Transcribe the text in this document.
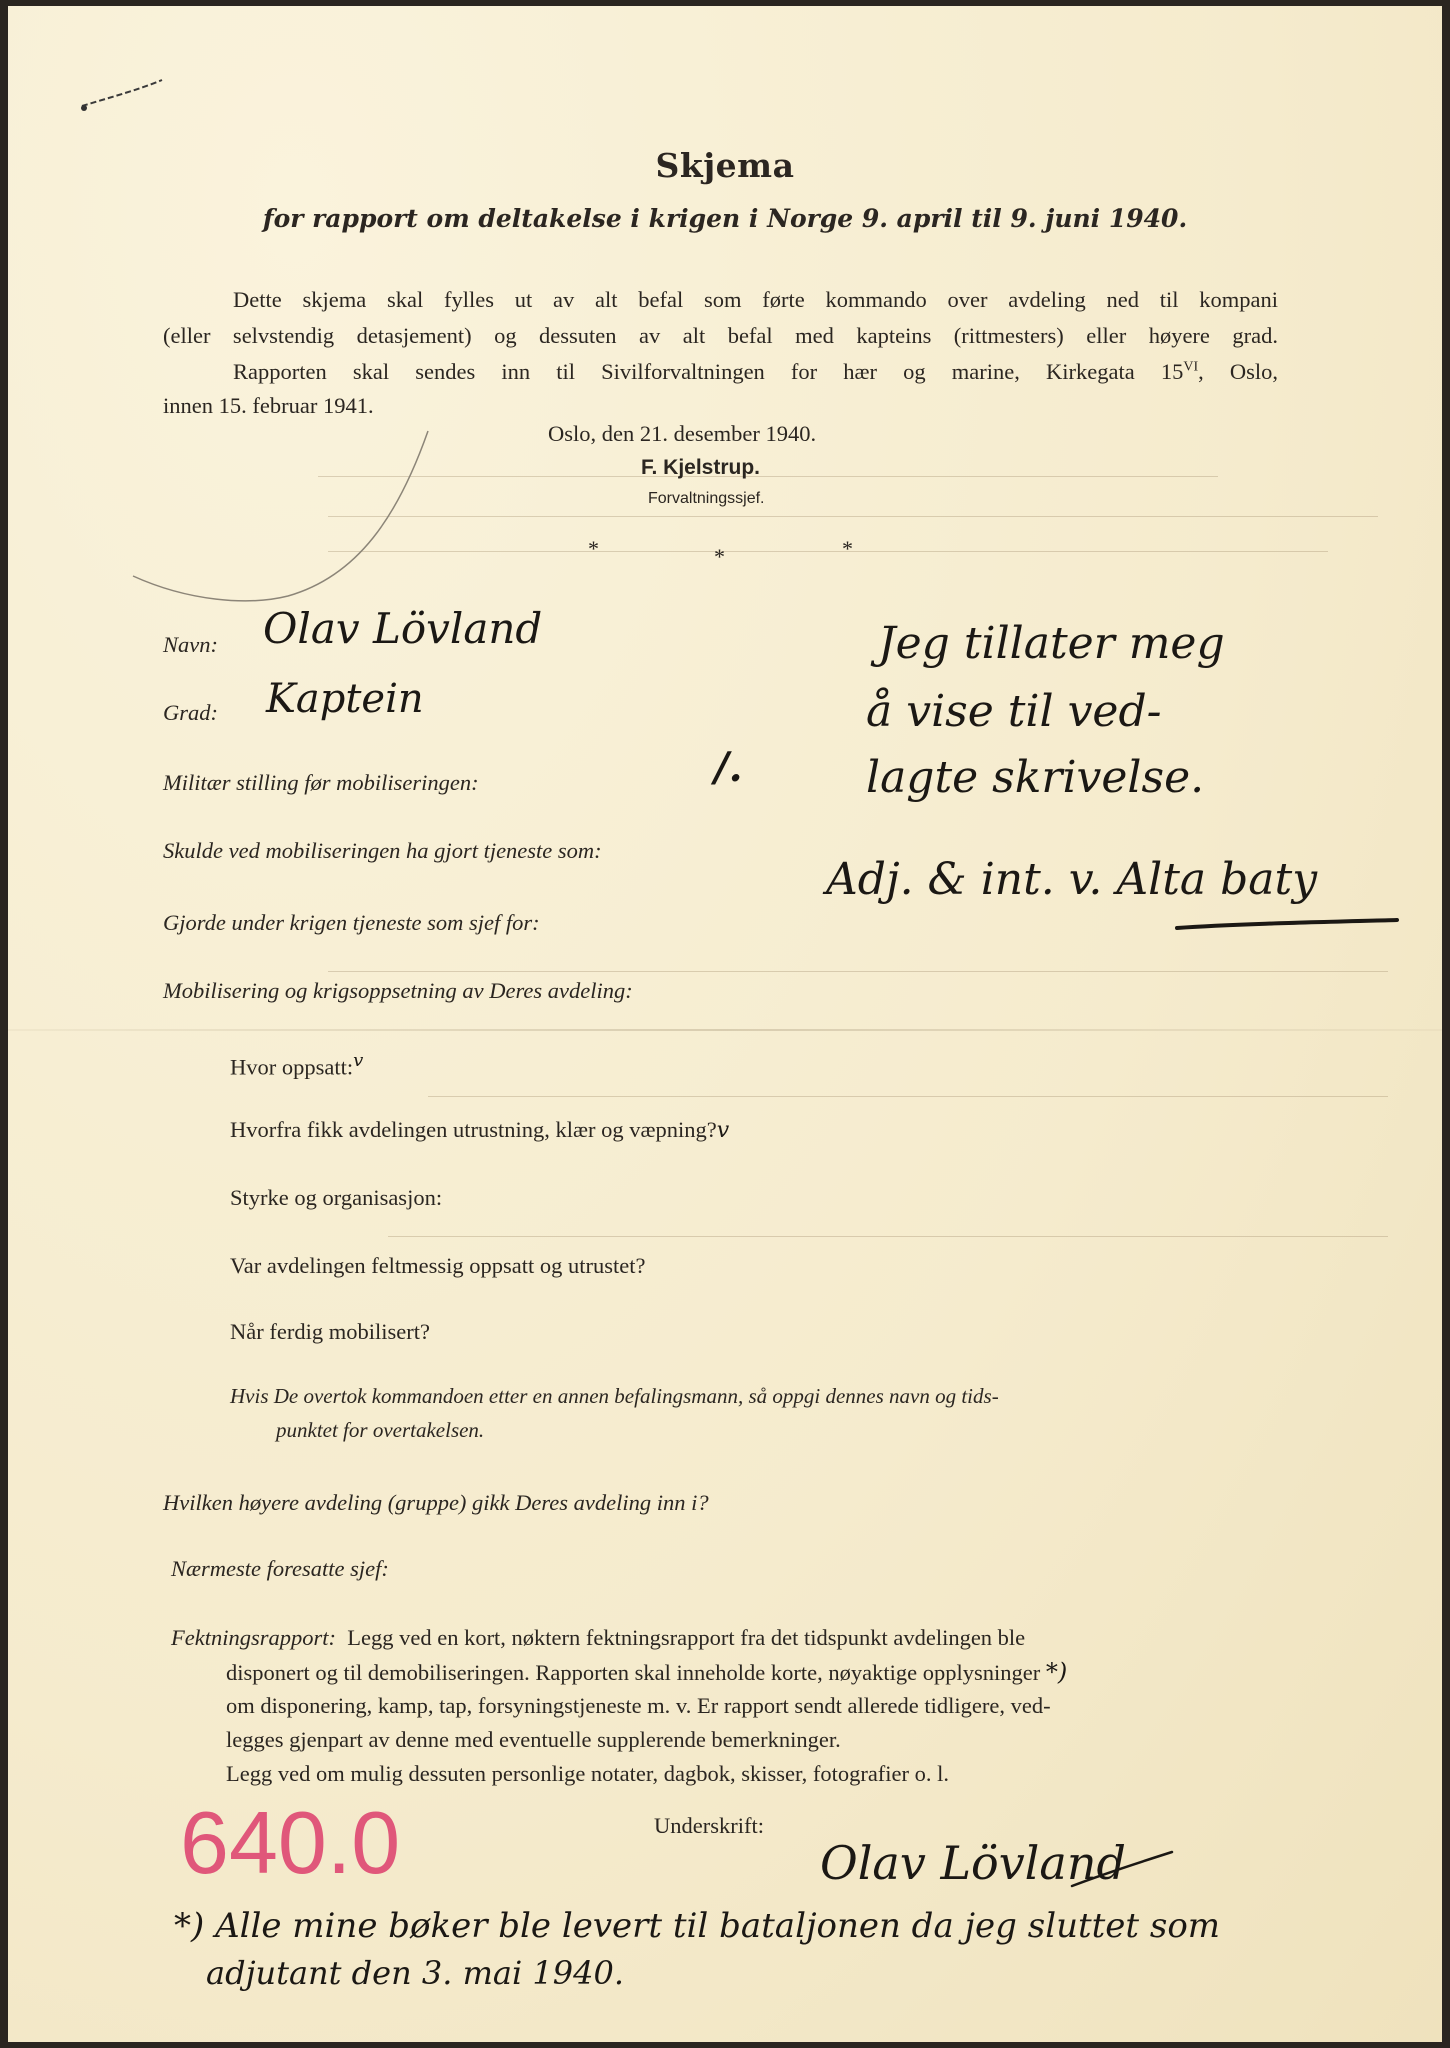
Skjema
for rapport om deltakelse i krigen i Norge 9. april til 9. juni 1940.
Dette skjema skal fylles ut av alt befal som førte kommando over avdeling ned til kompani
(eller selvstendig detasjement) og dessuten av alt befal med kapteins (rittmesters) eller høyere grad.
Rapporten skal sendes inn til Sivilforvaltningen for hær og marine, Kirkegata $15^{VI}$, Oslo,
innen 15. februar 1941.
Oslo, den 21. desember 1940.
F. Kjelstrup.
Forvaltningssjef.
*	*	*
Navn: Olav Lövland
Grad: Kaptein
Militær stilling før mobiliseringen:	/.
Skulde ved mobiliseringen ha gjort tjeneste som:
Adj. & int. v. Alta baty
Gjorde under krigen tjeneste som sjef for:
Mobilisering og krigsoppsetning av Deres avdeling:
Jeg tillater meg
å vise til ved-
lagte skrivelse.
Hvor oppsatt:$^v$
Hvorfra fikk avdelingen utrustning, klær og væpning?v
Styrke og organisasjon:
Var avdelingen feltmessig oppsatt og utrustet?
Når ferdig mobilisert?
Hvis De overtok kommandoen etter en annen befalingsmann, så oppgi dennes navn og tids-
punktet for overtakelsen.
Hvilken høyere avdeling (gruppe) gikk Deres avdeling inn i?
Nærmeste foresatte sjef:
Fektningsrapport: Legg ved en kort, nøktern fektningsrapport fra det tidspunkt avdelingen ble
disponert og til demobiliseringen. Rapporten skal inneholde korte, nøyaktige opplysninger *)
om disponering, kamp, tap, forsyningstjeneste m. v. Er rapport sendt allerede tidligere, ved-
legges gjenpart av denne med eventuelle supplerende bemerkninger.
Legg ved om mulig dessuten personlige notater, dagbok, skisser, fotografier o. l.
Underskrift:
Olav Lövland
640.0
*) Alle mine bøker ble levert til bataljonen da jeg sluttet som
adjutant den 3. mai 1940.
